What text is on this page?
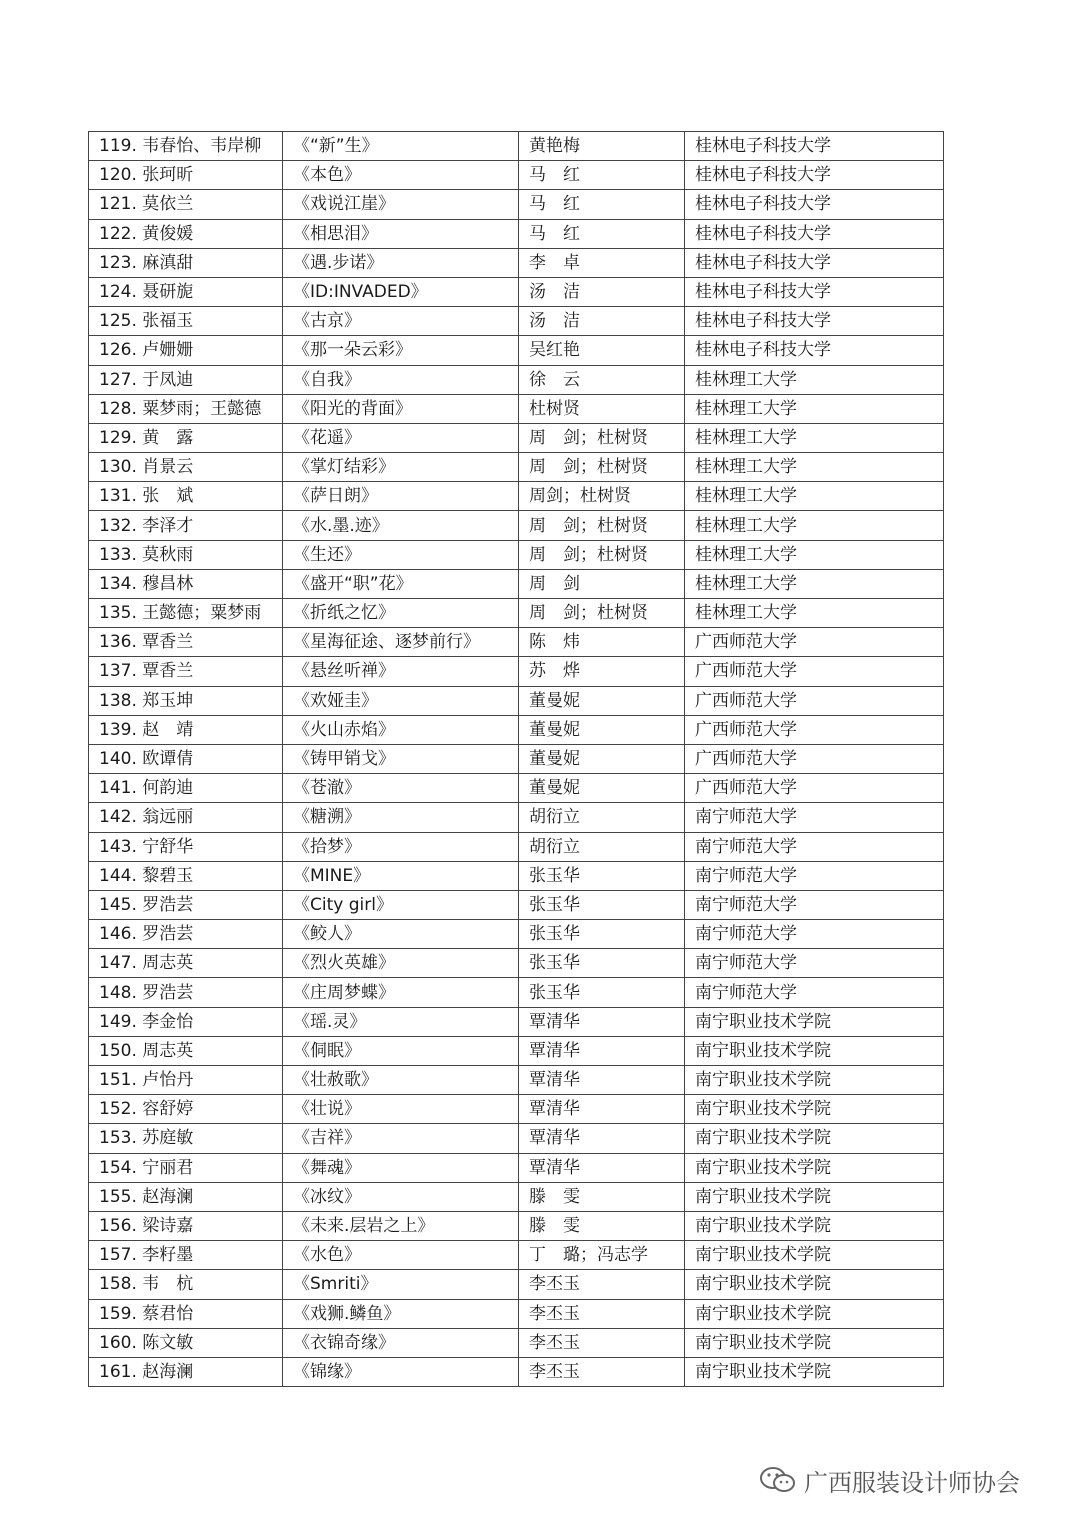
119. 韦春怡、韦岸柳	《“新”生》	黄艳梅	桂林电子科技大学
120. 张珂昕	《本色》	马　红	桂林电子科技大学
121. 莫依兰	《戏说江崖》	马　红	桂林电子科技大学
122. 黄俊媛	《相思泪》	马　红	桂林电子科技大学
123. 麻滇甜	《遇.步诺》	李　卓	桂林电子科技大学
124. 聂研旎	《ID:INVADED》	汤　洁	桂林电子科技大学
125. 张福玉	《古京》	汤　洁	桂林电子科技大学
126. 卢姗姗	《那一朵云彩》	吴红艳	桂林电子科技大学
127. 于凤迪	《自我》	徐　云	桂林理工大学
128. 粟梦雨；王懿德	《阳光的背面》	杜树贤	桂林理工大学
129. 黄　露	《花遥》	周　剑；杜树贤	桂林理工大学
130. 肖景云	《掌灯结彩》	周　剑；杜树贤	桂林理工大学
131. 张　斌	《萨日朗》	周剑；杜树贤	桂林理工大学
132. 李泽才	《水.墨.迹》	周　剑；杜树贤	桂林理工大学
133. 莫秋雨	《生还》	周　剑；杜树贤	桂林理工大学
134. 穆昌林	《盛开“职”花》	周　剑	桂林理工大学
135. 王懿德；粟梦雨	《折纸之忆》	周　剑；杜树贤	桂林理工大学
136. 覃香兰	《星海征途、逐梦前行》	陈　炜	广西师范大学
137. 覃香兰	《悬丝听禅》	苏　烨	广西师范大学
138. 郑玉坤	《欢娅圭》	董曼妮	广西师范大学
139. 赵　靖	《火山赤焰》	董曼妮	广西师范大学
140. 欧谭倩	《铸甲销戈》	董曼妮	广西师范大学
141. 何韵迪	《苍澈》	董曼妮	广西师范大学
142. 翁远丽	《糖溯》	胡衍立	南宁师范大学
143. 宁舒华	《拾梦》	胡衍立	南宁师范大学
144. 黎碧玉	《MINE》	张玉华	南宁师范大学
145. 罗浩芸	《City girl》	张玉华	南宁师范大学
146. 罗浩芸	《鲛人》	张玉华	南宁师范大学
147. 周志英	《烈火英雄》	张玉华	南宁师范大学
148. 罗浩芸	《庄周梦蝶》	张玉华	南宁师范大学
149. 李金怡	《瑶.灵》	覃清华	南宁职业技术学院
150. 周志英	《侗眠》	覃清华	南宁职业技术学院
151. 卢怡丹	《壮赦歌》	覃清华	南宁职业技术学院
152. 容舒婷	《壮说》	覃清华	南宁职业技术学院
153. 苏庭敏	《吉祥》	覃清华	南宁职业技术学院
154. 宁丽君	《舞魂》	覃清华	南宁职业技术学院
155. 赵海澜	《冰纹》	滕　雯	南宁职业技术学院
156. 梁诗嘉	《未来.层岩之上》	滕　雯	南宁职业技术学院
157. 李籽墨	《水色》	丁　璐；冯志学	南宁职业技术学院
158. 韦　杭	《Smriti》	李丕玉	南宁职业技术学院
159. 蔡君怡	《戏狮.鳞鱼》	李丕玉	南宁职业技术学院
160. 陈文敏	《衣锦奇缘》	李丕玉	南宁职业技术学院
161. 赵海澜	《锦缘》	李丕玉	南宁职业技术学院
广西服装设计师协会
